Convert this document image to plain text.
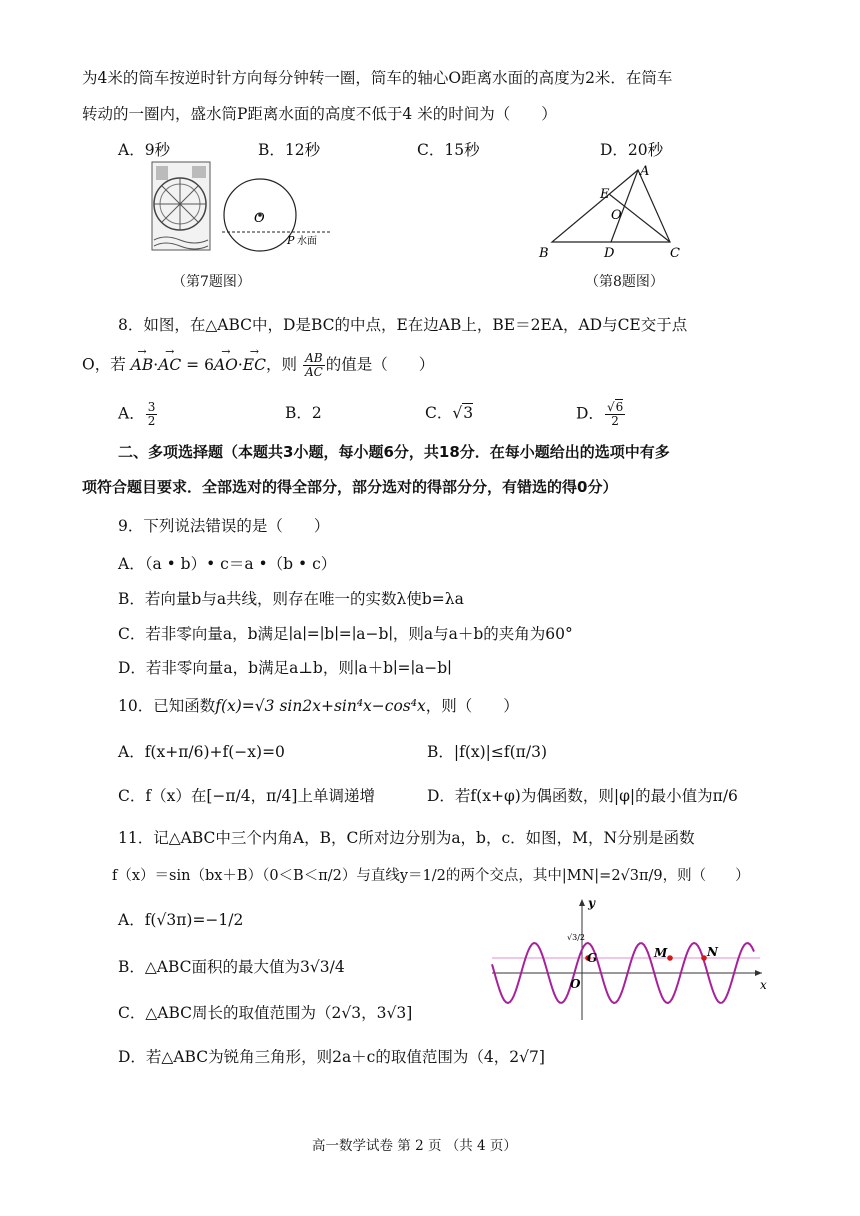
为4米的筒车按逆时针方向每分钟转一圈，筒车的轴心O距离水面的高度为2米．在筒车
转动的一圈内，盛水筒P距离水面的高度不低于4 米的时间为（　　）
A．9秒	B．12秒	C．15秒	D．20秒
O
P 水面
（第7题图）
A
B	C
D
E
O
（第8题图）
8．如图，在△ABC中，D是BC的中点，E在边AB上，BE＝2EA，AD与CE交于点
O，若 → AB·→ AC = 6→ AO·→ EC，则 $\frac{AB}{AC}$ 的值是（　　）
A． $\frac{3}{2}$	B．2	C．√3	D． $\frac{√6}{2}$
二、多项选择题（本题共3小题，每小题6分，共18分．在每小题给出的选项中有多
项符合题目要求．全部选对的得全部分，部分选对的得部分分，有错选的得0分）
9．下列说法错误的是（　　）
A．（a • b）• c＝a •（b • c）
B．若向量b与a共线，则存在唯一的实数λ使b=λa
C．若非零向量a，b满足∣a∣=∣b∣=∣a−b∣，则a与a＋b的夹角为60°
D．若非零向量a，b满足a⊥b，则∣a＋b∣=∣a−b∣
10．已知函数f(x)=√3 sin2x+sin⁴x−cos⁴x，则（　　）
A．f(x+π/6)+f(−x)=0	B．|f(x)|≤f(π/3)
C．f（x）在[−π/4，π/4]上单调递增	D．若f(x+φ)为偶函数，则|φ|的最小值为π/6
11．记△ABC中三个内角A，B，C所对边分别为a，b，c．如图，M，N分别是函数
f（x）＝sin（bx＋B）（0＜B＜π/2）与直线y＝1/2的两个交点，其中|MN|=2√3π/9，则（　　）
A．f(√3π)=−1/2
B．△ABC面积的最大值为3√3/4
C．△ABC周长的取值范围为（2√3，3√3]
D．若△ABC为锐角三角形，则2a＋c的取值范围为（4，2√7]
y
x
O
G	M	N
√3/2
高一数学试卷 第 2 页 （共 4 页）
